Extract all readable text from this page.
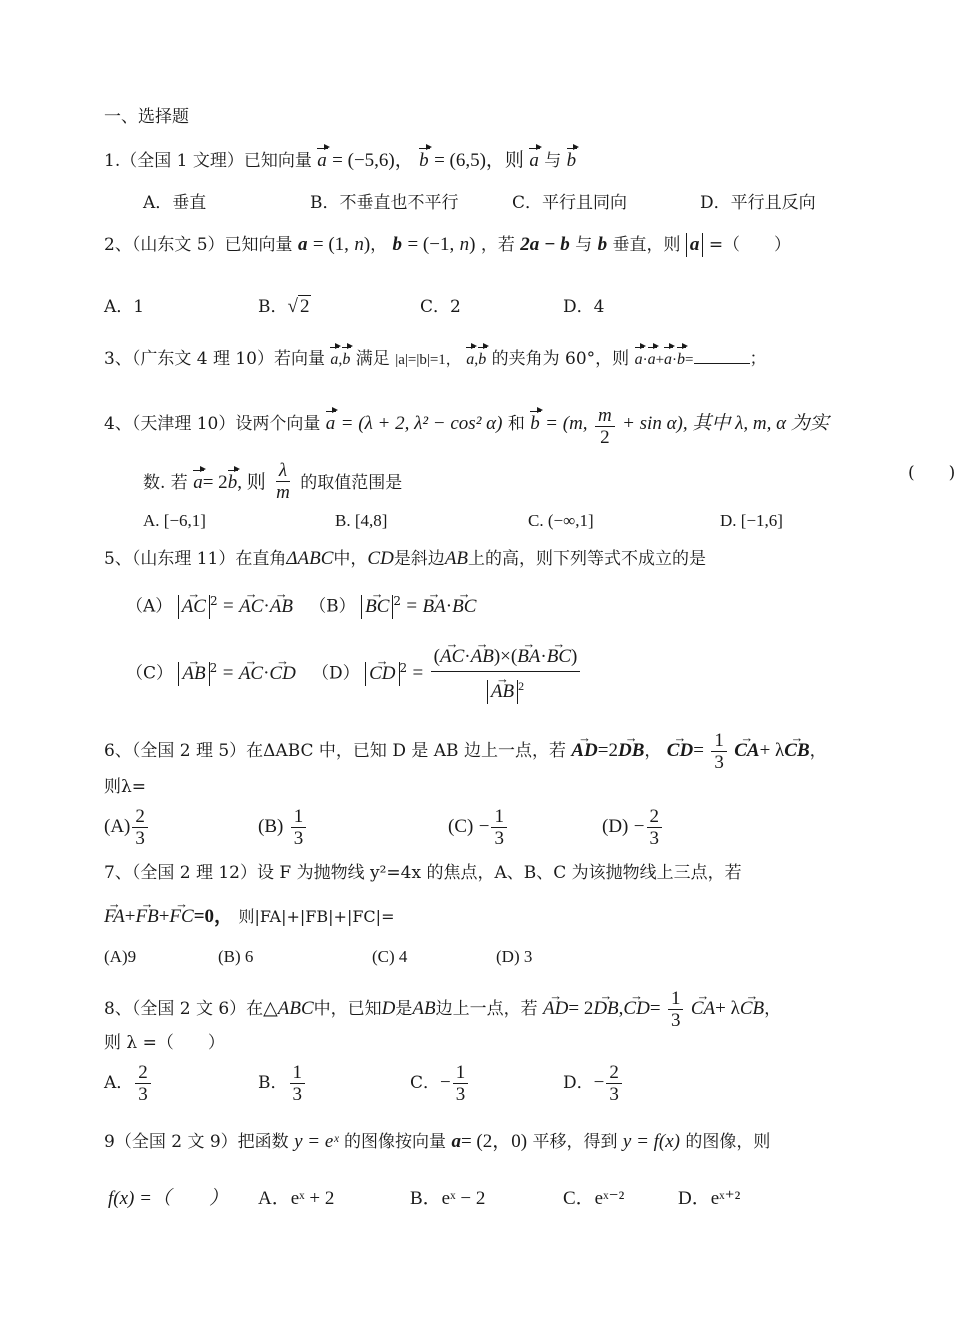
一、选择题
1.（全国 1 文理）已知向量 a = (−5,6)， b = (6,5)，则 a 与 b
A．垂直	B．不垂直也不平行	C．平行且同向	D．平行且反向
2、（山东文 5）已知向量 a = (1, n)， b = (−1, n) ，若 2a − b 与 b 垂直，则 a =（　　）
A．1	B．√ 2	C．2	D．4
3、（广东文 4 理 10）若向量 a,b 满足 |a|=|b|=1， a,b 的夹角为 60°，则 a·a+a·b=	；
4、（天津理 10）设两个向量 a = (λ + 2, λ² − cos² α) 和 b = (m, $\frac{m}{2} + \sin \alpha$), 其中 λ, m, α 为实
数. 若 a= 2b, 则 $\frac{\lambda}{m}$ 的取值范围是	(　　)
A. [−6,1]	B. [4,8]	C. (−∞,1]	D. [−1,6]
5、（山东理 11）在直角ΔABC中，CD是斜边AB上的高，则下列等式不成立的是
（A） AC → $^2$ = AC →·AB → （B） BC → $^2$ = BA →·BC →
（C） AB → $^2$ = AC →·CD → （D） CD → $^2 = \frac{(AC \to\cdot AB \to)\times(BA \to\cdot BC \to)}{AB \to ^2}$
6、（全国 2 理 5）在ΔABC 中，已知 D 是 AB 边上一点，若 AD →=2DB →， CD →= $\frac{1}{3}$ CA →+ λCB →，
则λ=
$(A) \frac{2}{3}$	$(B) \frac{1}{3}$	$(C) - \frac{1}{3}$	$(D) - \frac{2}{3}$
7、（全国 2 理 12）设 F 为抛物线 y²=4x 的焦点，A、B、C 为该抛物线上三点，若
FA →+FB →+FC →=0， 则|FA|+|FB|+|FC|=
(A)9	(B) 6	(C) 4	(D) 3
8、（全国 2 文 6）在△ABC中，已知D是AB边上一点，若 AD →= $2DB \to,CD \to= \frac{1}{3}$ CA →+ λCB →，
则 λ =（　　）
A． $\frac{2}{3}$	B． $\frac{1}{3}$	C．− $\frac{1}{3}$	D．− $\frac{2}{3}$
9（全国 2 文 9）把函数 y = eˣ 的图像按向量 a= (2，0) 平移，得到 y = f(x) 的图像，则
f(x) =（　　） A．eˣ + 2	B．eˣ − 2	C．eˣ⁻²	D．eˣ⁺²
